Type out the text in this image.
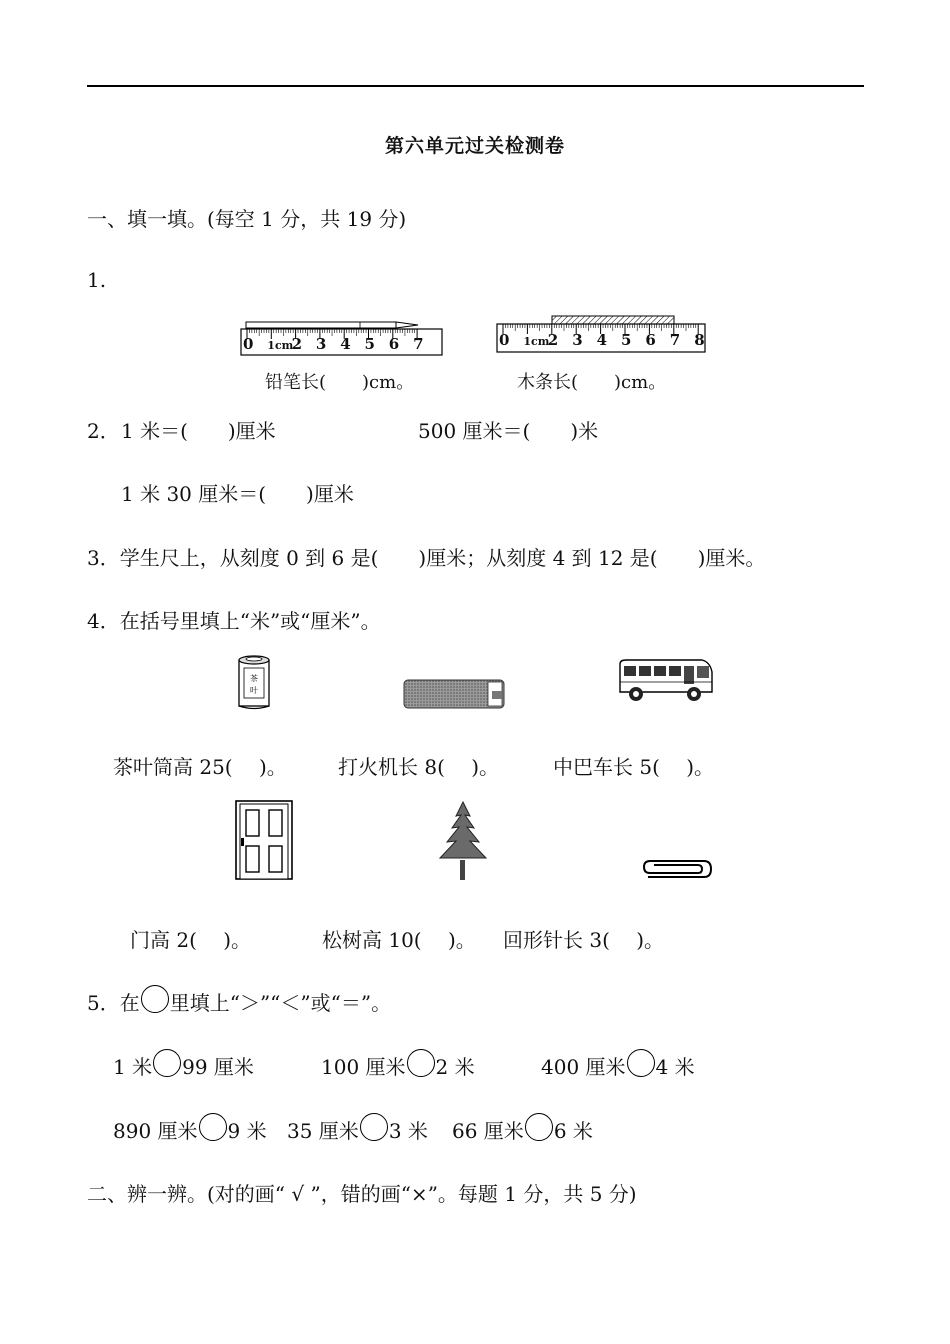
第六单元过关检测卷
一、填一填。(每空 1 分，共 19 分)
1.
0 1cm
2 3 4 5 6 7	0 1cm
2 3 4 5 6 7 8
铅笔长( )cm。	木条长( )cm。
2． 1 米＝(　　)厘米	500 厘米＝(　　)米
1 米 30 厘米＝(　　)厘米
3．学生尺上，从刻度 0 到 6 是(　　)厘米；从刻度 4 到 12 是(　　)厘米。
4．在括号里填上“米”或“厘米”。
茶
叶
茶叶筒高 25(　 )。	打火机长 8(　 )。	中巴车长 5(　 )。
门高 2(　 )。	松树高 10(　 )。 回形针长 3(　 )。
5．在 里填上“＞”“＜”或“＝”。
1 米 99 厘米	100 厘米 2 米	400 厘米 4 米
890 厘米 9 米 35 厘米 3 米 66 厘米 6 米
二、辨一辨。(对的画“ √ ”，错的画“×”。每题 1 分，共 5 分)
